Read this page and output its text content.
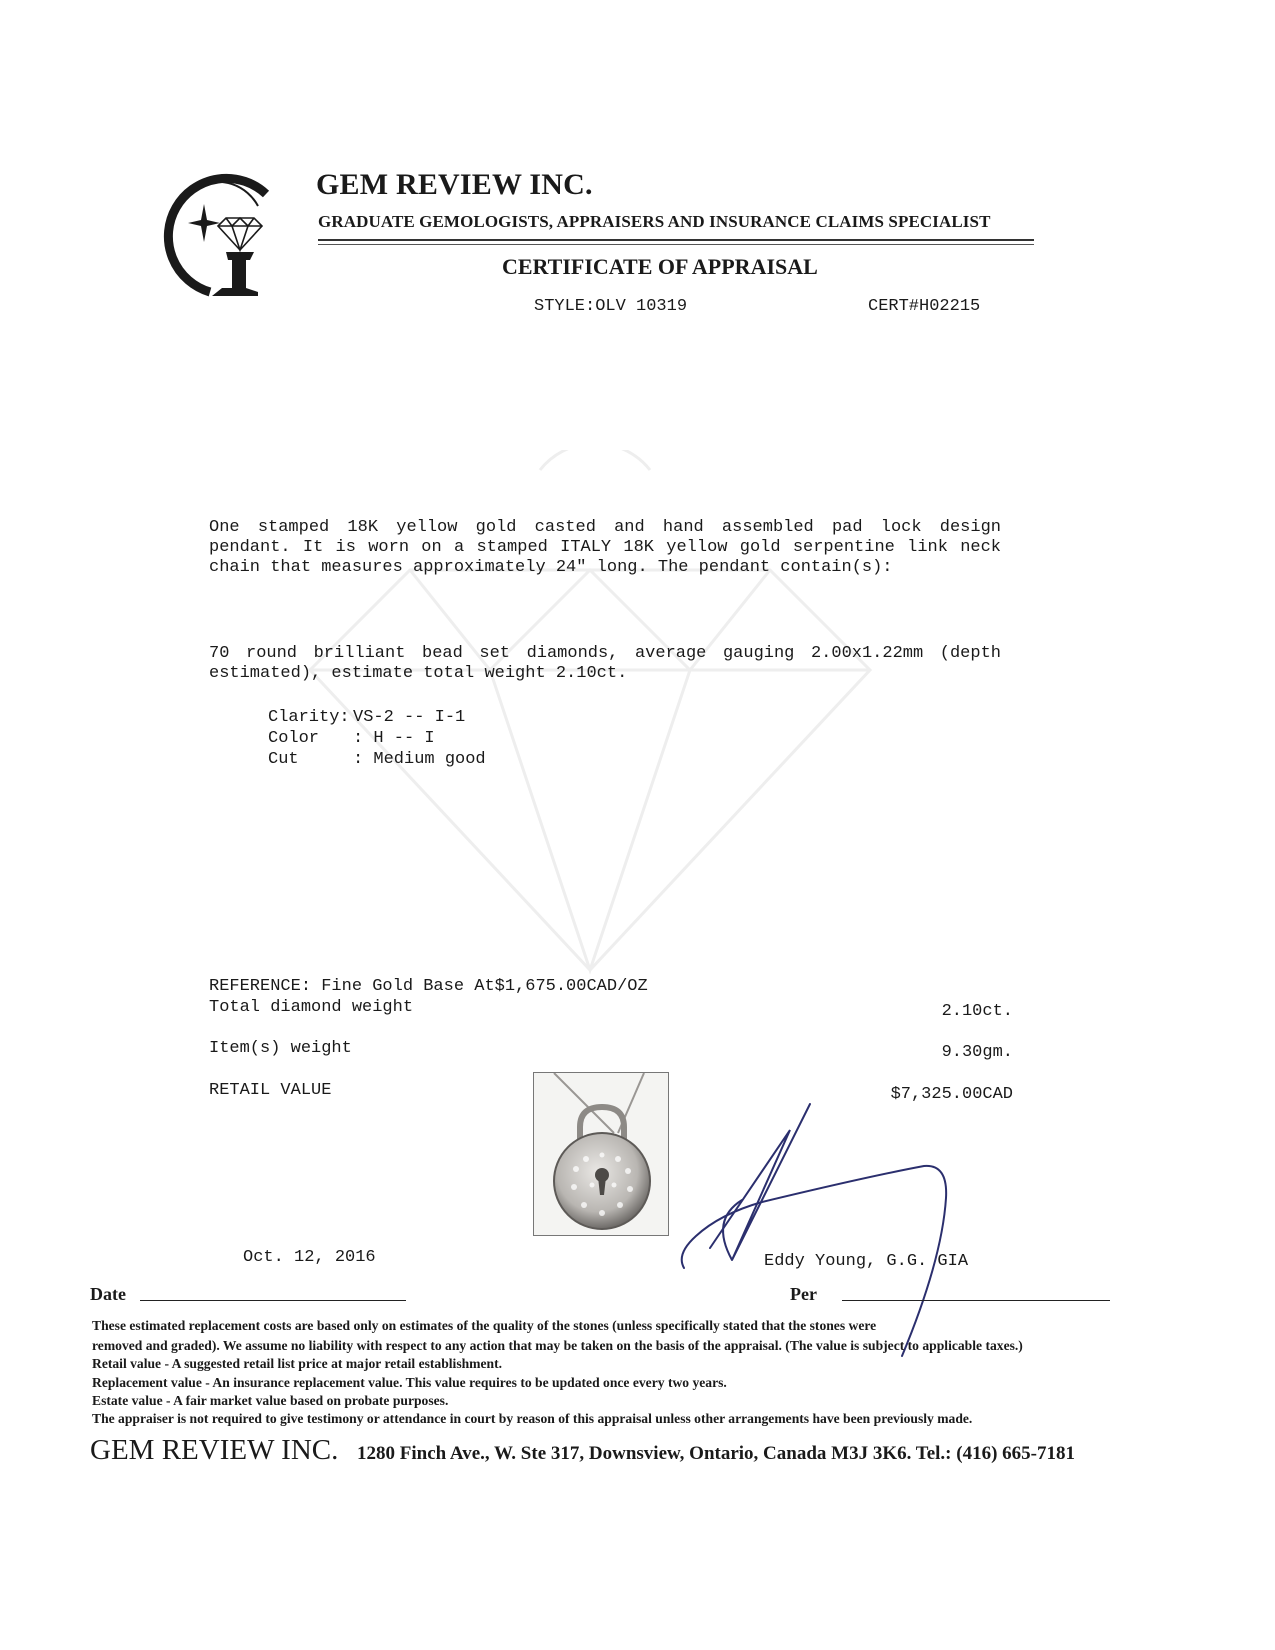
GEM REVIEW INC.
GRADUATE GEMOLOGISTS, APPRAISERS AND INSURANCE CLAIMS SPECIALIST
CERTIFICATE OF APPRAISAL
STYLE:OLV 10319	CERT#H02215
One stamped 18K yellow gold casted and hand assembled pad lock design pendant. It is worn on a stamped ITALY 18K yellow gold serpentine link neck chain that measures approximately 24" long. The pendant contain(s):
70 round brilliant bead set diamonds, average gauging 2.00x1.22mm (depth estimated), estimate total weight 2.10ct.
Clarity: VS-2 -- I-1
Color	: H -- I
Cut	: Medium good
REFERENCE: Fine Gold Base At$1,675.00CAD/OZ
Total diamond weight	2.10ct.
Item(s) weight	9.30gm.
RETAIL VALUE	$7,325.00CAD
Oct. 12, 2016	Eddy Young, G.G. GIA
Date	Per
These estimated replacement costs are based only on estimates of the quality of the stones (unless specifically stated that the stones were
removed and graded). We assume no liability with respect to any action that may be taken on the basis of the appraisal. (The value is subject to applicable taxes.)
Retail value - A suggested retail list price at major retail establishment.
Replacement value - An insurance replacement value. This value requires to be updated once every two years.
Estate value - A fair market value based on probate purposes.
The appraiser is not required to give testimony or attendance in court by reason of this appraisal unless other arrangements have been previously made.
GEM REVIEW INC. 1280 Finch Ave., W. Ste 317, Downsview, Ontario, Canada M3J 3K6. Tel.: (416) 665-7181
